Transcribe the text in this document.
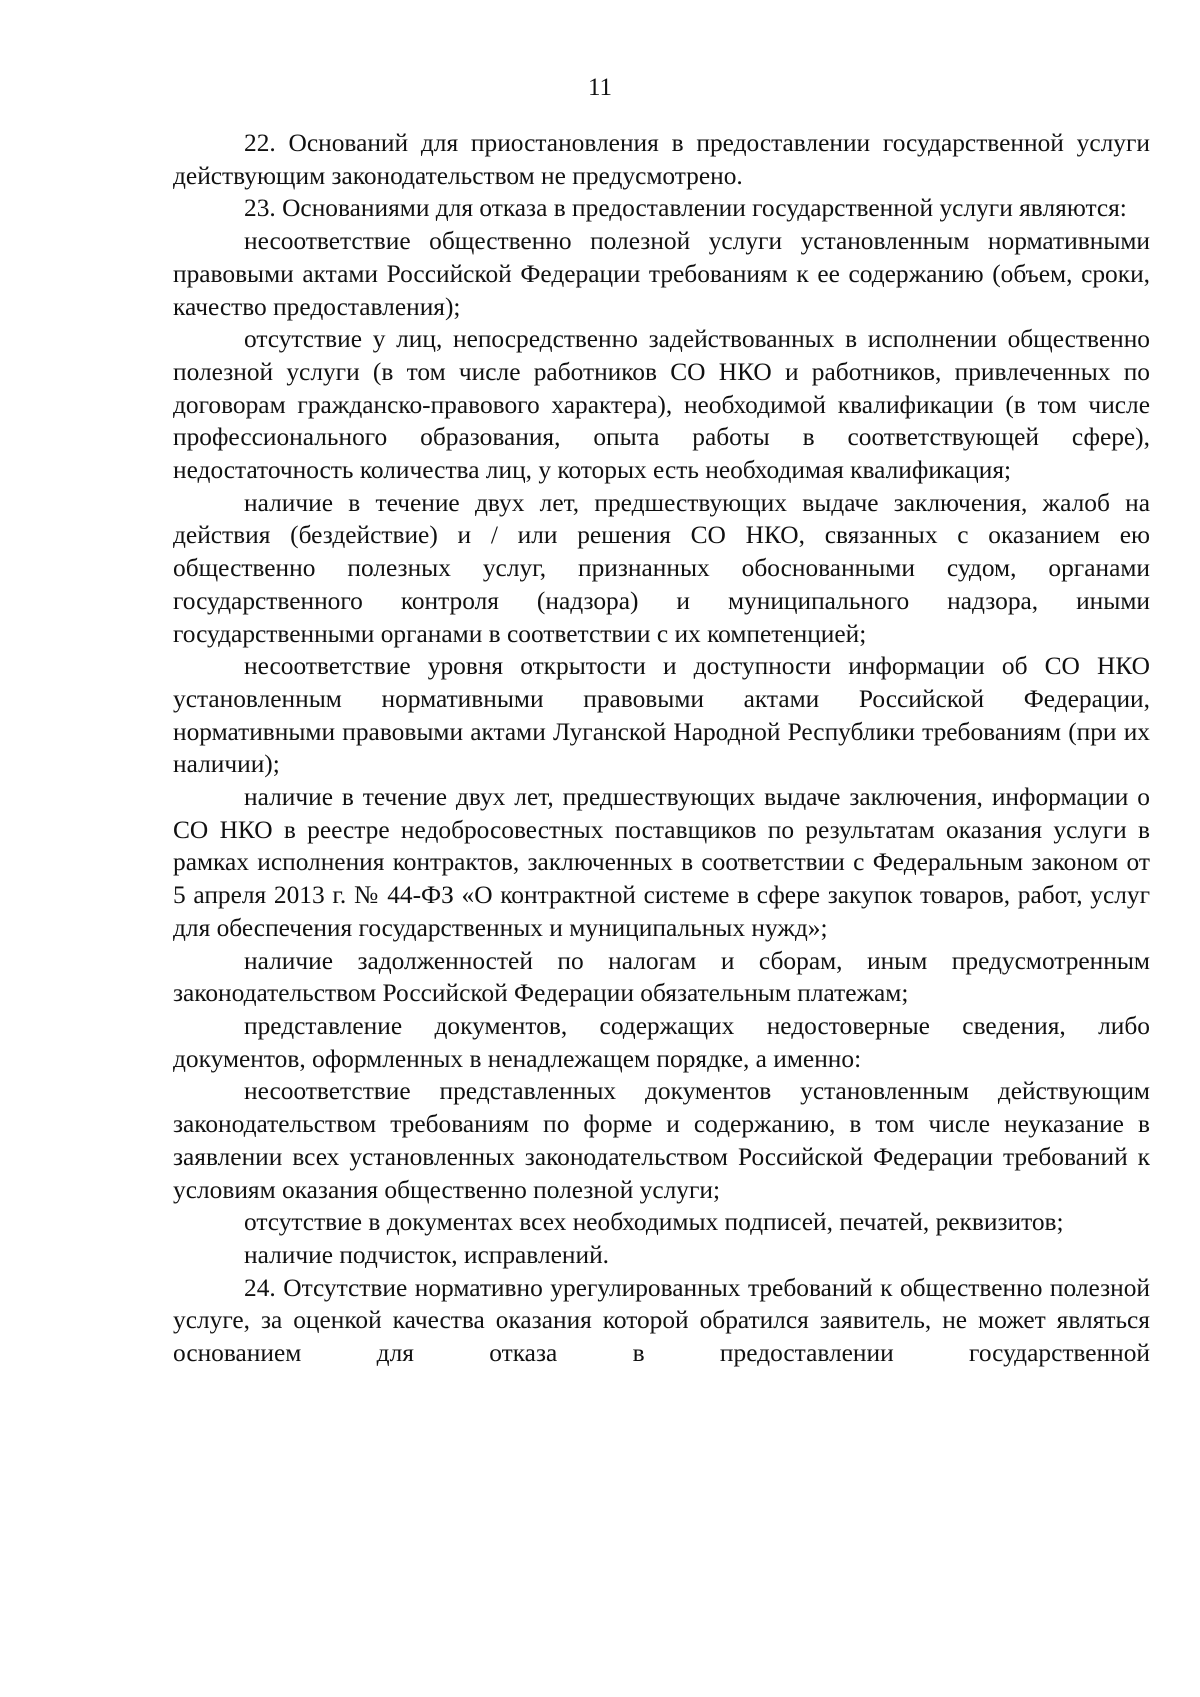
11

22. Оснований для приостановления в предоставлении государственной услуги действующим законодательством не предусмотрено.

23. Основаниями для отказа в предоставлении государственной услуги являются:

несоответствие общественно полезной услуги установленным нормативными правовыми актами Российской Федерации требованиям к ее содержанию (объем, сроки, качество предоставления);

отсутствие у лиц, непосредственно задействованных в исполнении общественно полезной услуги (в том числе работников СО НКО и работников, привлеченных по договорам гражданско-правового характера), необходимой квалификации (в том числе профессионального образования, опыта работы в соответствующей сфере), недостаточность количества лиц, у которых есть необходимая квалификация;

наличие в течение двух лет, предшествующих выдаче заключения, жалоб на действия (бездействие) и / или решения СО НКО, связанных с оказанием ею общественно полезных услуг, признанных обоснованными судом, органами государственного контроля (надзора) и муниципального надзора, иными государственными органами в соответствии с их компетенцией;

несоответствие уровня открытости и доступности информации об СО НКО установленным нормативными правовыми актами Российской Федерации, нормативными правовыми актами Луганской Народной Республики требованиям (при их наличии);

наличие в течение двух лет, предшествующих выдаче заключения, информации о СО НКО в реестре недобросовестных поставщиков по результатам оказания услуги в рамках исполнения контрактов, заключенных в соответствии с Федеральным законом от 5 апреля 2013 г. № 44-ФЗ «О контрактной системе в сфере закупок товаров, работ, услуг для обеспечения государственных и муниципальных нужд»;

наличие задолженностей по налогам и сборам, иным предусмотренным законодательством Российской Федерации обязательным платежам;

представление документов, содержащих недостоверные сведения, либо документов, оформленных в ненадлежащем порядке, а именно:

несоответствие представленных документов установленным действующим законодательством требованиям по форме и содержанию, в том числе неуказание в заявлении всех установленных законодательством Российской Федерации требований к условиям оказания общественно полезной услуги;

отсутствие в документах всех необходимых подписей, печатей, реквизитов;

наличие подчисток, исправлений.

24. Отсутствие нормативно урегулированных требований к общественно полезной услуге, за оценкой качества оказания которой обратился заявитель, не может являться основанием для отказа в предоставлении государственной
